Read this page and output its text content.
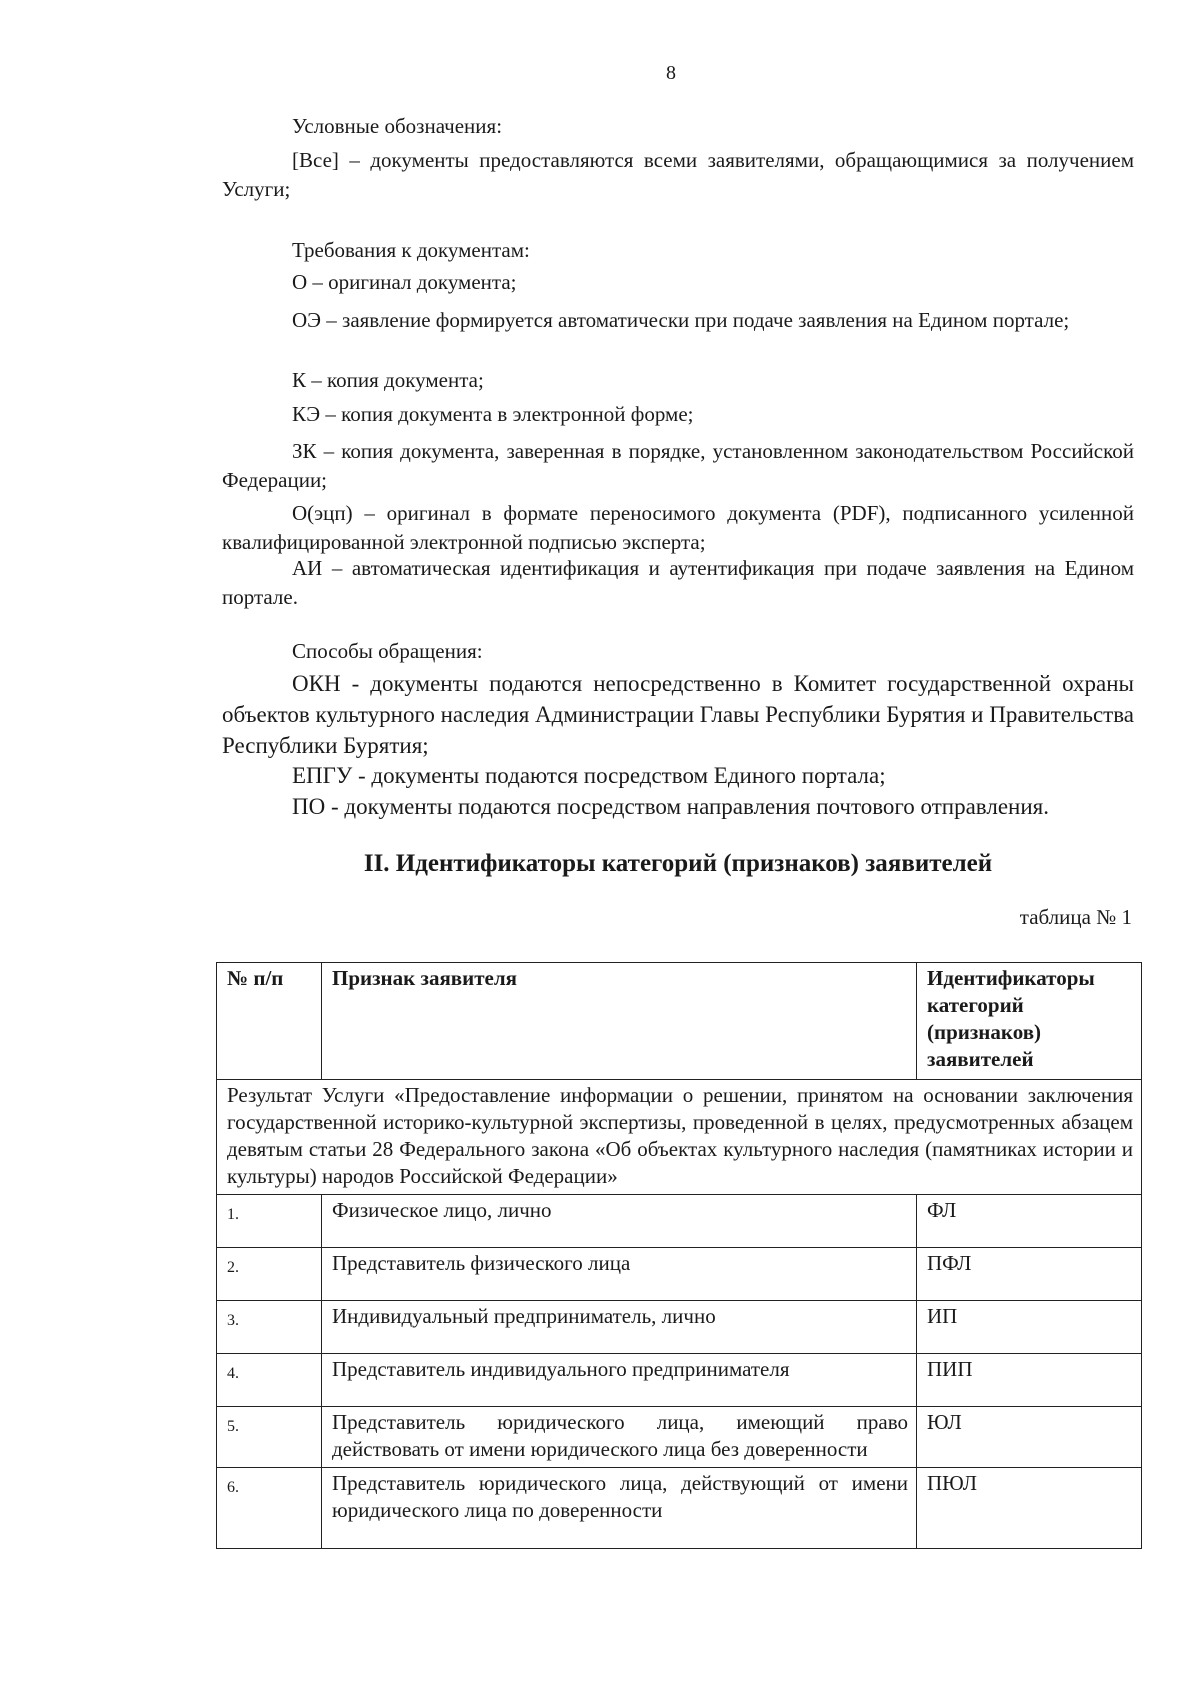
8

Условные обозначения:

[Все] – документы предоставляются всеми заявителями, обращающимися за получением Услуги;

Требования к документам:

О – оригинал документа;

ОЭ – заявление формируется автоматически при подаче заявления на Едином портале;

К – копия документа;

КЭ – копия документа в электронной форме;

ЗК – копия документа, заверенная в порядке, установленном законодательством Российской Федерации;

О(эцп) – оригинал в формате переносимого документа (PDF), подписанного усиленной квалифицированной электронной подписью эксперта;

АИ – автоматическая идентификация и аутентификация при подаче заявления на Едином портале.

Способы обращения:

ОКН - документы подаются непосредственно в Комитет государственной охраны объектов культурного наследия Администрации Главы Республики Бурятия и Правительства Республики Бурятия;

ЕПГУ - документы подаются посредством Единого портала;

ПО - документы подаются посредством направления почтового отправления.

II. Идентификаторы категорий (признаков) заявителей
таблица № 1
№ п/п	Признак заявителя	Идентификаторы категорий (признаков) заявителей
Результат Услуги «Предоставление информации о решении, принятом на основании заключения государственной историко-культурной экспертизы, проведенной в целях, предусмотренных абзацем девятым статьи 28 Федерального закона «Об объектах культурного наследия (памятниках истории и культуры) народов Российской Федерации»		
1.	Физическое лицо, лично	ФЛ
2.	Представитель физического лица	ПФЛ
3.	Индивидуальный предприниматель, лично	ИП
4.	Представитель индивидуального предпринимателя	ПИП
5.	Представитель юридического лица, имеющий право действовать от имени юридического лица без доверенности	ЮЛ
6.	Представитель юридического лица, действующий от имени юридического лица по доверенности	ПЮЛ
